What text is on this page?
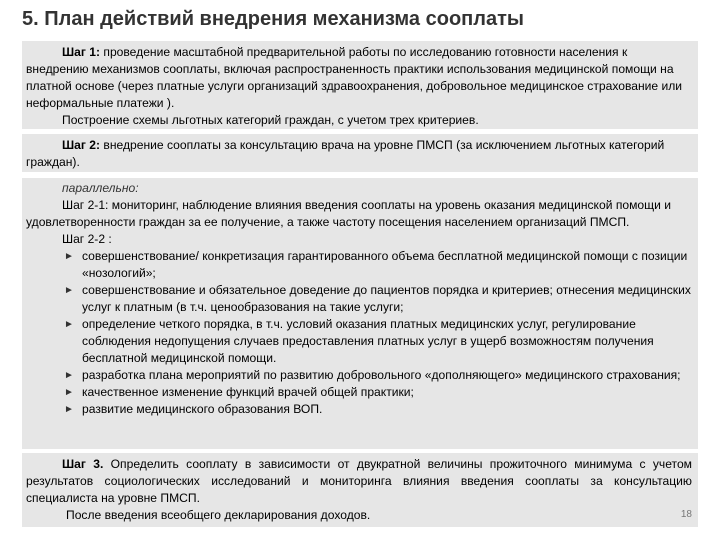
5. План действий внедрения механизма сооплаты

Шаг 1: проведение масштабной предварительной работы по исследованию готовности населения к внедрению механизмов сооплаты, включая распространенность практики использования медицинской помощи на платной основе (через платные услуги организаций здравоохранения, добровольное медицинское страхование или неформальные платежи ).

Построение схемы льготных категорий граждан, с учетом трех критериев.

Шаг 2: внедрение сооплаты за консультацию врача на уровне ПМСП (за исключением льготных категорий граждан).

параллельно:

Шаг 2-1: мониторинг, наблюдение влияния введения сооплаты на уровень оказания медицинской помощи и удовлетворенности граждан за ее получение, а также частоту посещения населением организаций ПМСП.

Шаг 2-2 :

► совершенствование/ конкретизация гарантированного объема бесплатной медицинской помощи с позиции «нозологий»;

► совершенствование и обязательное доведение до пациентов порядка и критериев; отнесения медицинских услуг к платным (в т.ч. ценообразования на такие услуги;

► определение четкого порядка, в т.ч. условий оказания платных медицинских услуг, регулирование соблюдения недопущения случаев предоставления платных услуг в ущерб возможностям получения бесплатной медицинской помощи.

► разработка плана мероприятий по развитию добровольного «дополняющего» медицинского страхования;

► качественное изменение функций врачей общей практики;

► развитие медицинского образования ВОП.

Шаг 3. Определить сооплату в зависимости от двукратной величины прожиточного минимума с учетом результатов социологических исследований и мониторинга влияния введения сооплаты за консультацию специалиста на уровне ПМСП.

После введения всеобщего декларирования доходов.	18
